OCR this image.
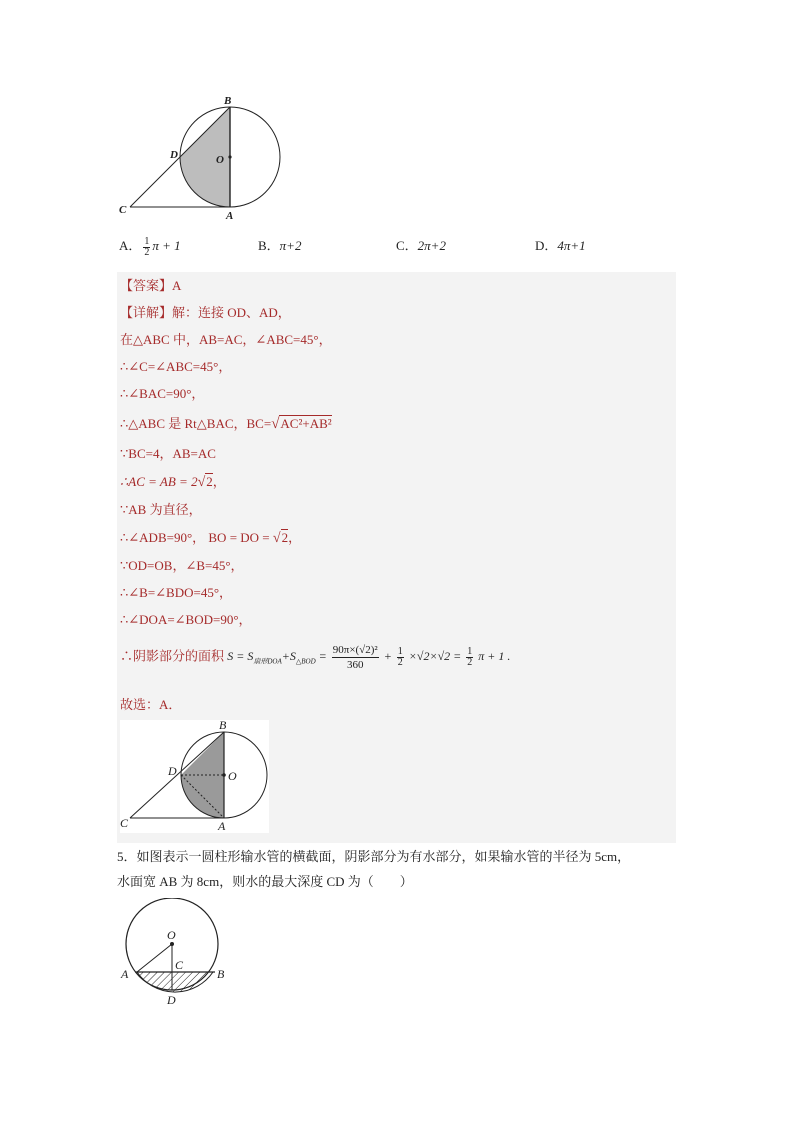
B
D	O
C	A
A． $\frac{1}{2}$ π + 1	B．π+2	C．2π+2	D．4π+1
【答案】A
【详解】解：连接 OD、AD，
在△ABC 中，AB=AC，∠ABC=45°，
∴∠C=∠ABC=45°，
∴∠BAC=90°，
∴△ABC 是 Rt△BAC，BC=√AC²+AB²
∵BC=4，AB=AC
∴AC = AB = 2√2，
∵AB 为直径，
∴∠ADB=90°， BO = DO = √2，
∵OD=OB，∠B=45°，
∴∠B=∠BDO=45°，
∴∠DOA=∠BOD=90°，
∴阴影部分的面积 $S = S_{扇形DOA}+S_{\triangle BOD} = \frac{\text{90π×(√2)²}}{360} + \frac{1}{2} \times√2\times√2 = \frac{1}{2}$ π + 1 .
故选：A．
B
D	O
C	A
5．如图表示一圆柱形输水管的横截面，阴影部分为有水部分，如果输水管的半径为 5cm，
水面宽 AB 为 8cm，则水的最大深度 CD 为（　　）
O
A
C
B
D
